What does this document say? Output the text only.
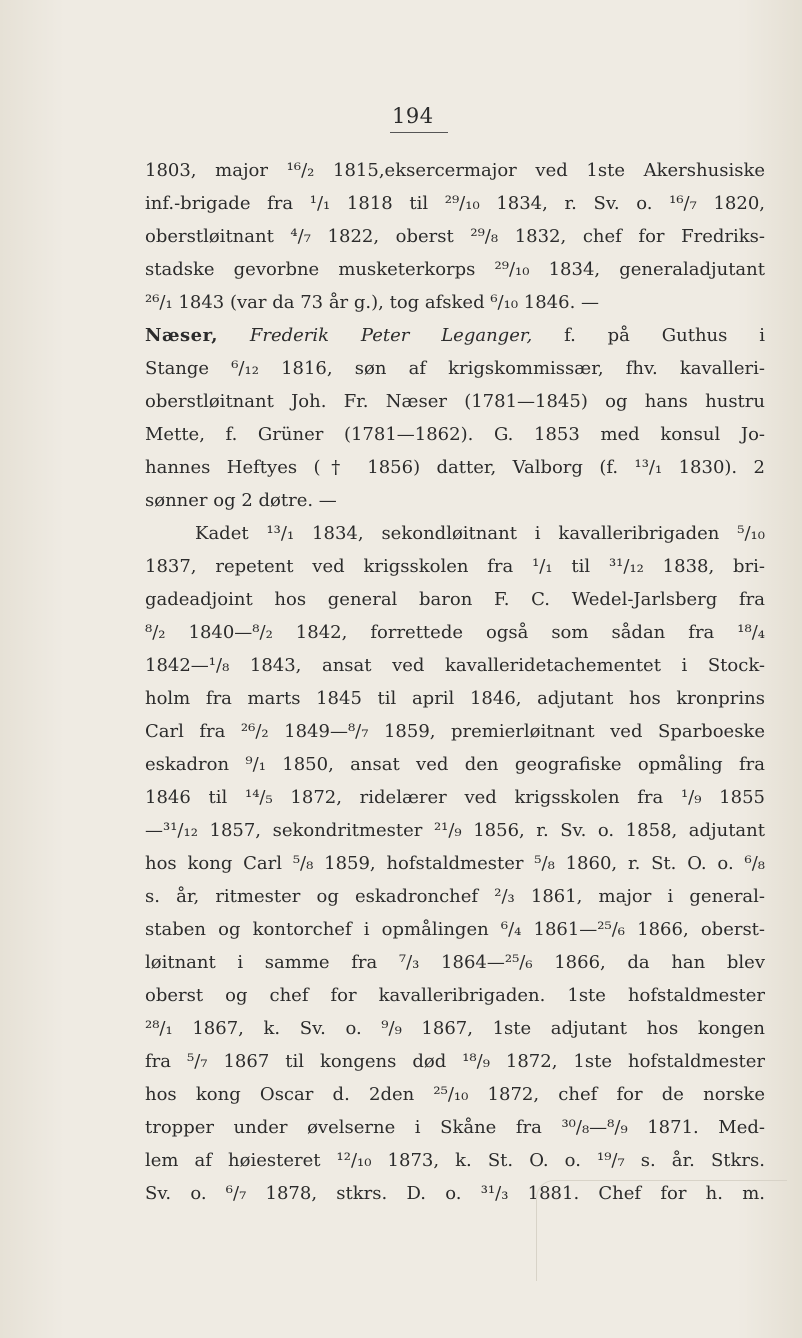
194
1803, major ¹⁶/₂ 1815,eksercermajor ved 1ste Akershusiske
inf.-brigade fra ¹/₁ 1818 til ²⁹/₁₀ 1834, r. Sv. o. ¹⁶/₇ 1820,
oberstløitnant ⁴/₇ 1822, oberst ²⁹/₈ 1832, chef for Fredriks-
stadske gevorbne musketerkorps ²⁹/₁₀ 1834, generaladjutant
²⁶/₁ 1843 (var da 73 år g.), tog afsked ⁶/₁₀ 1846. —
Næser, Frederik Peter Leganger, f. på Guthus i
Stange ⁶/₁₂ 1816, søn af krigskommissær, fhv. kavalleri-
oberstløitnant Joh. Fr. Næser (1781—1845) og hans hustru
Mette, f. Grüner (1781—1862). G. 1853 med konsul Jo-
hannes Heftyes († 1856) datter, Valborg (f. ¹³/₁ 1830). 2
sønner og 2 døtre. —
Kadet ¹³/₁ 1834, sekondløitnant i kavalleribrigaden ⁵/₁₀
1837, repetent ved krigsskolen fra ¹/₁ til ³¹/₁₂ 1838, bri-
gadeadjoint hos general baron F. C. Wedel-Jarlsberg fra
⁸/₂ 1840—⁸/₂ 1842, forrettede også som sådan fra ¹⁸/₄
1842—¹/₈ 1843, ansat ved kavalleridetachementet i Stock-
holm fra marts 1845 til april 1846, adjutant hos kronprins
Carl fra ²⁶/₂ 1849—⁸/₇ 1859, premierløitnant ved Sparboeske
eskadron ⁹/₁ 1850, ansat ved den geografiske opmåling fra
1846 til ¹⁴/₅ 1872, ridelærer ved krigsskolen fra ¹/₉ 1855
—³¹/₁₂ 1857, sekondritmester ²¹/₉ 1856, r. Sv. o. 1858, adjutant
hos kong Carl ⁵/₈ 1859, hofstaldmester ⁵/₈ 1860, r. St. O. o. ⁶/₈
s. år, ritmester og eskadronchef ²/₃ 1861, major i general-
staben og kontorchef i opmålingen ⁶/₄ 1861—²⁵/₆ 1866, oberst-
løitnant i samme fra ⁷/₃ 1864—²⁵/₆ 1866, da han blev
oberst og chef for kavalleribrigaden. 1ste hofstaldmester
²⁸/₁ 1867, k. Sv. o. ⁹/₉ 1867, 1ste adjutant hos kongen
fra ⁵/₇ 1867 til kongens død ¹⁸/₉ 1872, 1ste hofstaldmester
hos kong Oscar d. 2den ²⁵/₁₀ 1872, chef for de norske
tropper under øvelserne i Skåne fra ³⁰/₈—⁸/₉ 1871. Med-
lem af høiesteret ¹²/₁₀ 1873, k. St. O. o. ¹⁹/₇ s. år. Stkrs.
Sv. o. ⁶/₇ 1878, stkrs. D. o. ³¹/₃ 1881. Chef for h. m.
